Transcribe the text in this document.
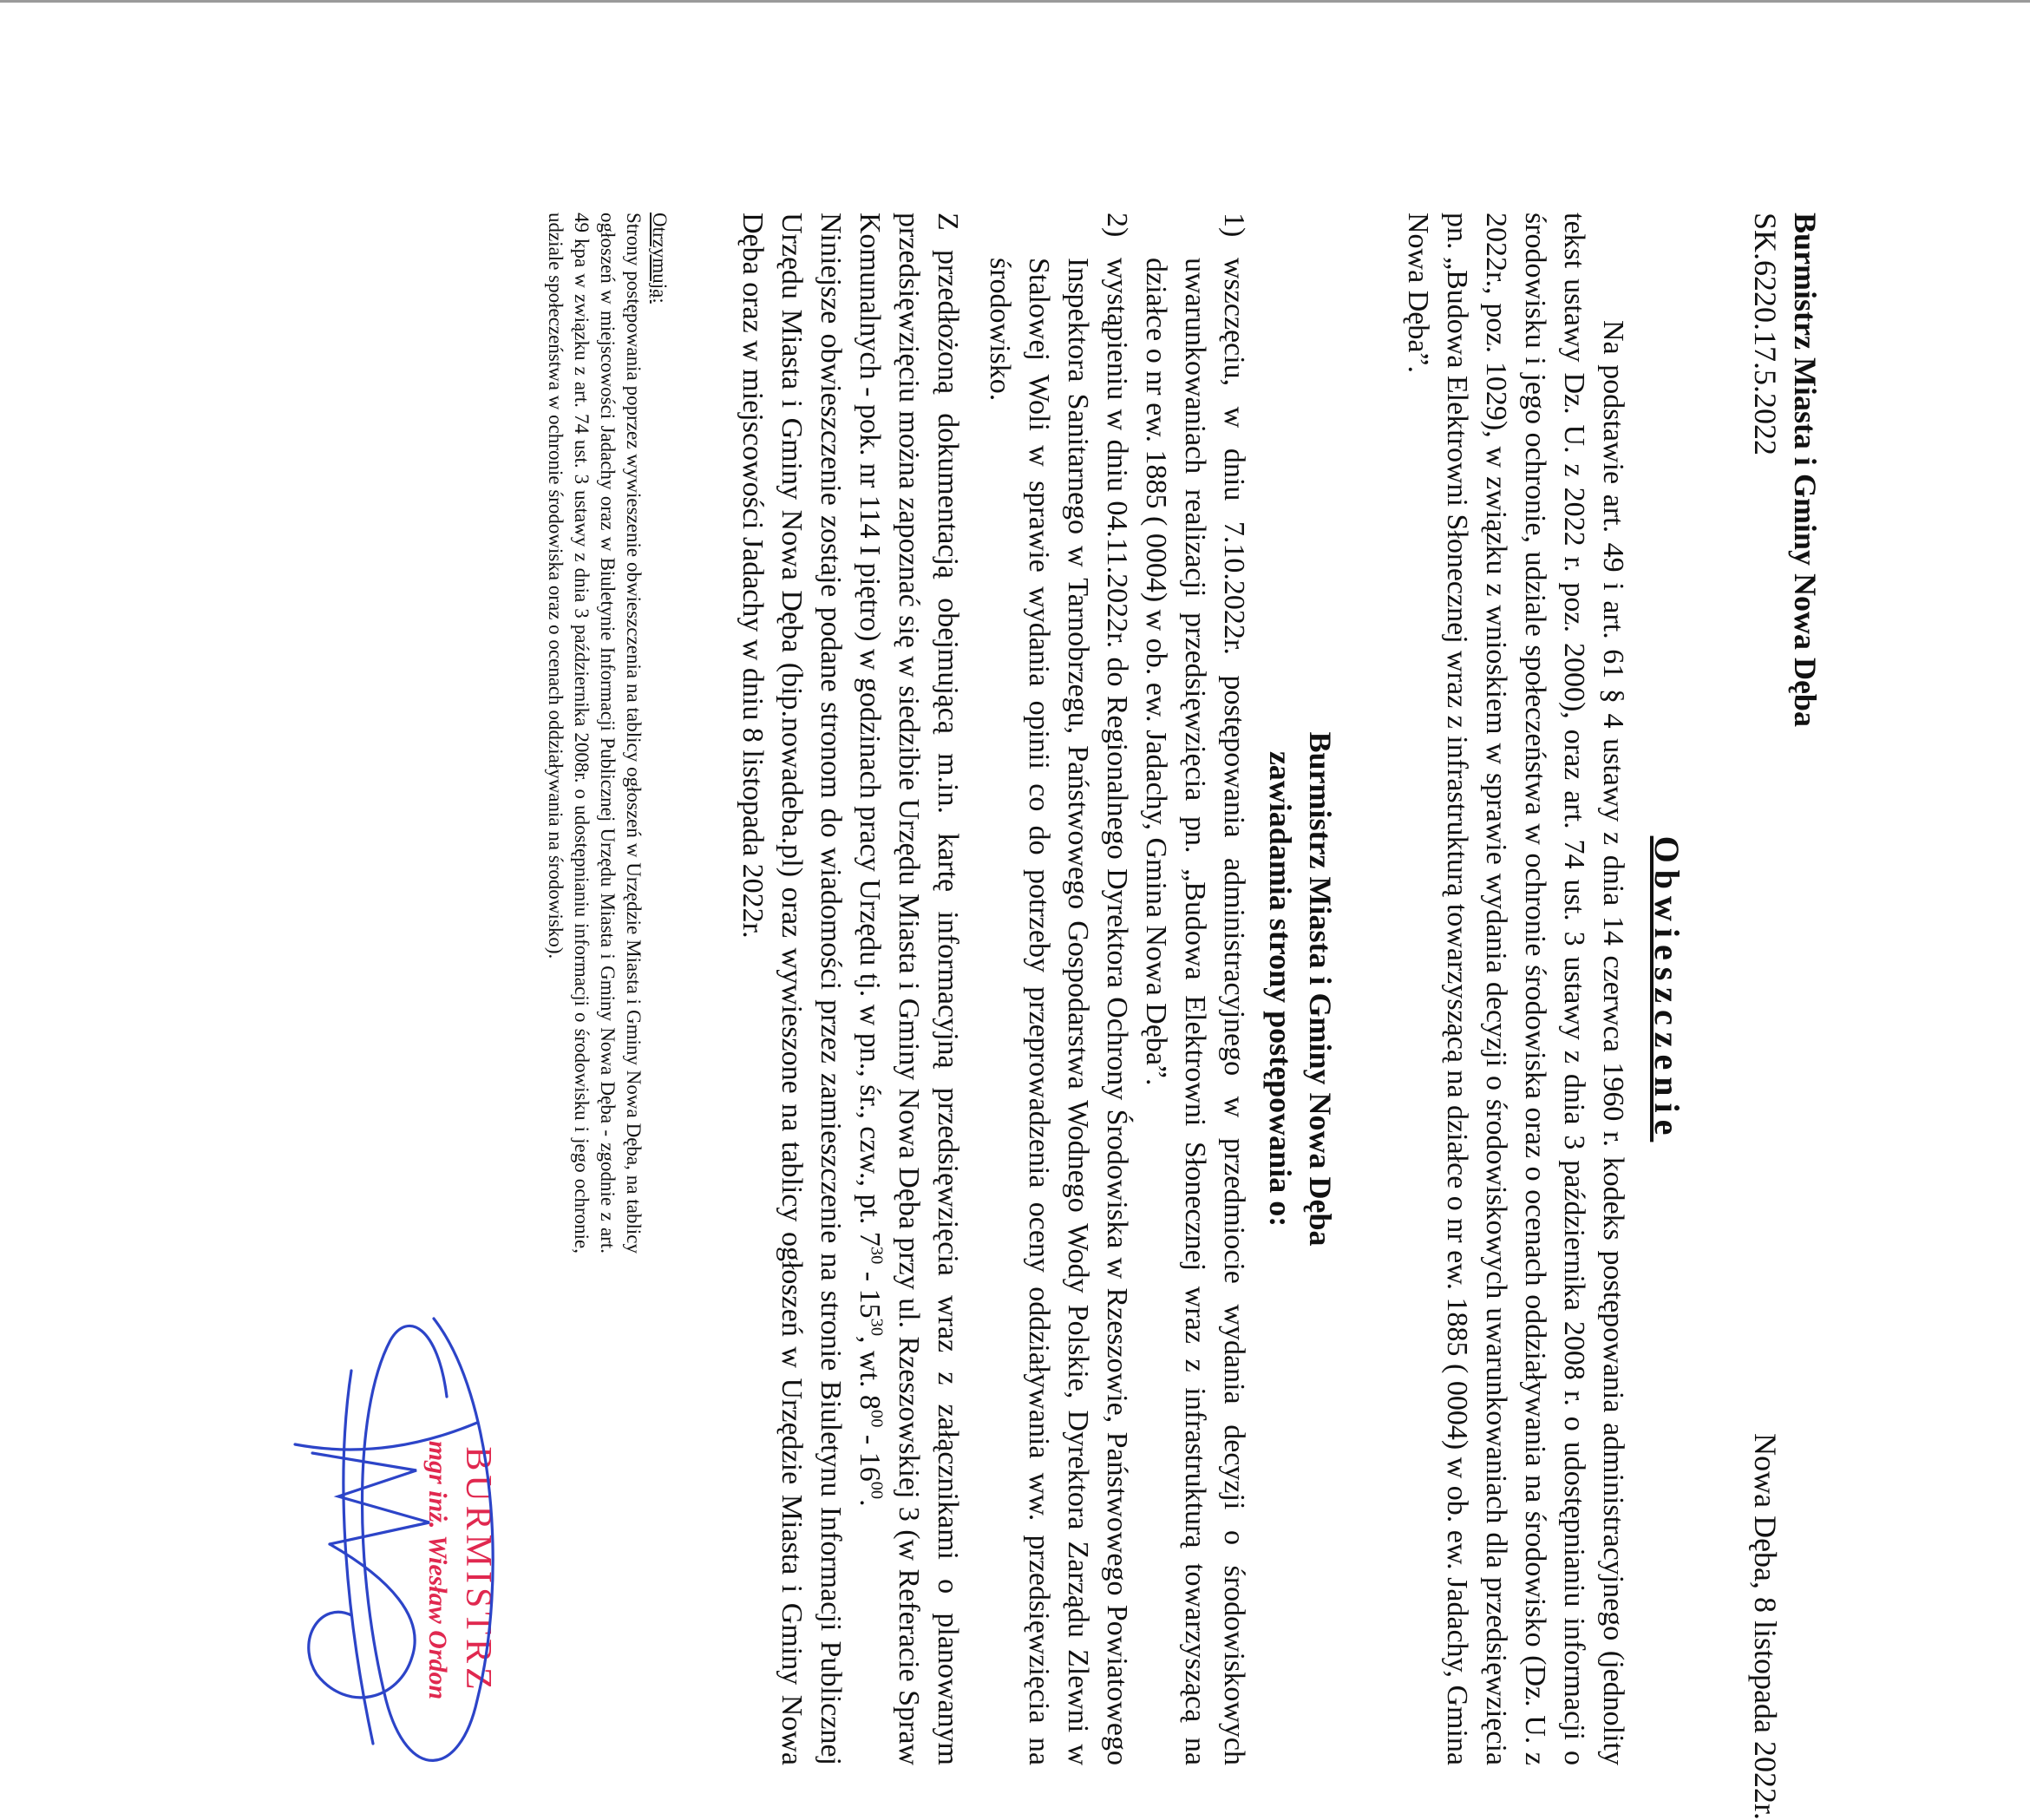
Burmistrz Miasta i Gminy Nowa Dęba
SK.6220.17.5.2022
Nowa Dęba, 8 listopada 2022r.
Obwieszczenie
Na podstawie art. 49 i art. 61 § 4 ustawy z dnia 14 czerwca 1960 r. kodeks postępowania administracyjnego (jednolity tekst ustawy Dz. U. z 2022 r. poz. 2000), oraz art. 74 ust. 3 ustawy z dnia 3 października 2008 r. o udostępnianiu informacji o środowisku i jego ochronie, udziale społeczeństwa w ochronie środowiska oraz o ocenach oddziaływania na środowisko (Dz. U. z 2022r., poz. 1029), w związku z wnioskiem w sprawie wydania decyzji o środowiskowych uwarunkowaniach dla przedsięwzięcia pn. „Budowa Elektrowni Słonecznej wraz z infrastrukturą towarzyszącą na działce o nr ew. 1885 ( 0004) w ob. ew. Jadachy, Gmina Nowa Dęba”.
Burmistrz Miasta i Gminy Nowa Dęba
zawiadamia strony postępowania o:
1)
wszczęciu, w dniu 7.10.2022r. postępowania administracyjnego w przedmiocie wydania decyzji o środowiskowych uwarunkowaniach realizacji przedsięwzięcia pn. „Budowa Elektrowni Słonecznej wraz z infrastrukturą towarzyszącą na działce o nr ew. 1885 ( 0004) w ob. ew. Jadachy, Gmina Nowa Dęba”.
2)
wystąpieniu w dniu 04.11.2022r. do Regionalnego Dyrektora Ochrony Środowiska w Rzeszowie, Państwowego Powiatowego Inspektora Sanitarnego w Tarnobrzegu, Państwowego Gospodarstwa Wodnego Wody Polskie, Dyrektora Zarządu Zlewni w Stalowej Woli w sprawie wydania opinii co do potrzeby przeprowadzenia oceny oddziaływania ww. przedsięwzięcia na środowisko.
Z przedłożoną dokumentacją obejmującą m.in. kartę informacyjną przedsięwzięcia wraz z załącznikami o planowanym przedsięwzięciu można zapoznać się w siedzibie Urzędu Miasta i Gminy Nowa Dęba przy ul. Rzeszowskiej 3 (w Referacie Spraw Komunalnych - pok. nr 114 I piętro) w godzinach pracy Urzędu tj. w pn., śr., czw., pt. $7^{30} - 15^{30}$, wt. $8^{00} - 16^{00}$.
Niniejsze obwieszczenie zostaje podane stronom do wiadomości przez zamieszczenie na stronie Biuletynu Informacji Publicznej Urzędu Miasta i Gminy Nowa Dęba (bip.nowadeba.pl) oraz wywieszone na tablicy ogłoszeń w Urzędzie Miasta i Gminy Nowa Dęba oraz w miejscowości Jadachy w dniu 8 listopada 2022r.
Otrzymują:
Strony postępowania poprzez wywieszenie obwieszczenia na tablicy ogłoszeń w Urzędzie Miasta i Gminy Nowa Dęba, na tablicy ogłoszeń w miejscowości Jadachy oraz w Biuletynie Informacji Publicznej Urzędu Miasta i Gminy Nowa Dęba - zgodnie z art. 49 kpa w związku z art. 74 ust. 3 ustawy z dnia 3 października 2008r. o udostępnianiu informacji o środowisku i jego ochronie, udziale społeczeństwa w ochronie środowiska oraz o ocenach oddziaływania na środowisko).
BURMISTRZ
mgr inż. Wiesław Ordon
